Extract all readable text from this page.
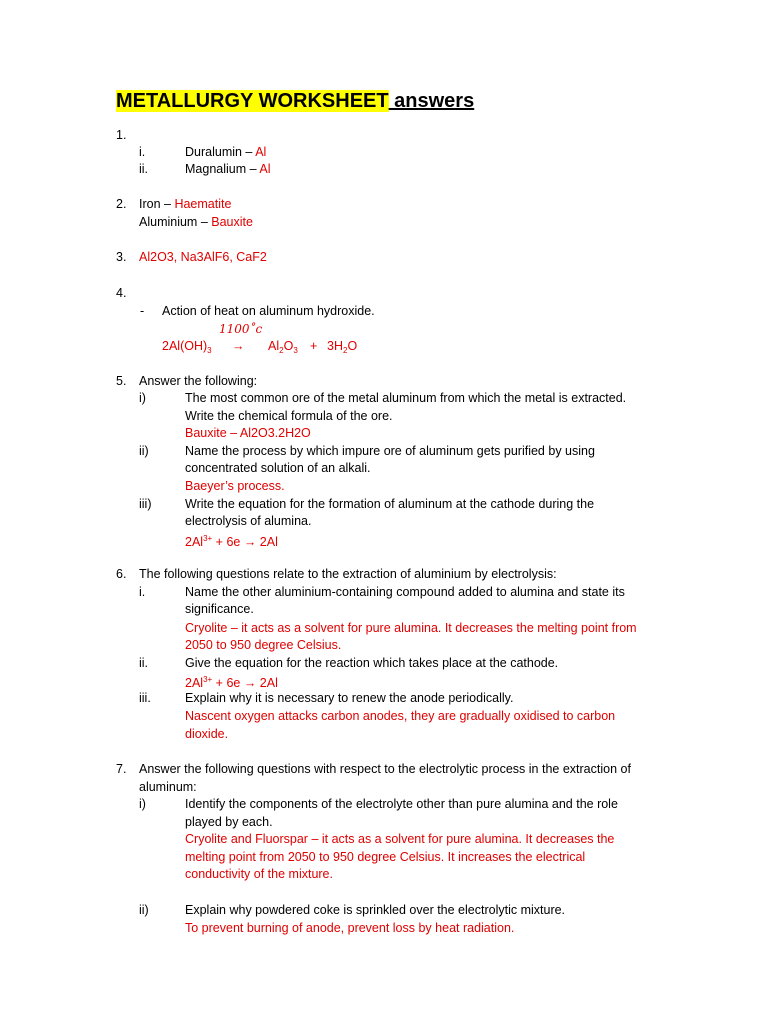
METALLURGY WORKSHEET answers
1.
i.	Duralumin – Al
ii.	Magnalium – Al
2. Iron – Haematite
Aluminium – Bauxite
3. Al2O3, Na3AlF6, CaF2
4.
- Action of heat on aluminum hydroxide.
1100˚c
$2Al(OH)_3 \to Al_2O_3 + 3H_2O$
5. Answer the following:
i)	The most common ore of the metal aluminum from which the metal is extracted.
Write the chemical formula of the ore.
Bauxite – Al2O3.2H2O
ii)	Name the process by which impure ore of aluminum gets purified by using
concentrated solution of an alkali.
Baeyer’s process.
iii)	Write the equation for the formation of aluminum at the cathode during the
electrolysis of alumina.
$2Al^{3+} + 6e \to 2Al$
6. The following questions relate to the extraction of aluminium by electrolysis:
i.	Name the other aluminium-containing compound added to alumina and state its
significance.
Cryolite – it acts as a solvent for pure alumina. It decreases the melting point from
2050 to 950 degree Celsius.
ii.	Give the equation for the reaction which takes place at the cathode.
$2Al^{3+} + 6e \to 2Al$
iii.	Explain why it is necessary to renew the anode periodically.
Nascent oxygen attacks carbon anodes, they are gradually oxidised to carbon
dioxide.
7. Answer the following questions with respect to the electrolytic process in the extraction of
aluminum:
i)	Identify the components of the electrolyte other than pure alumina and the role
played by each.
Cryolite and Fluorspar – it acts as a solvent for pure alumina. It decreases the
melting point from 2050 to 950 degree Celsius. It increases the electrical
conductivity of the mixture.
ii)	Explain why powdered coke is sprinkled over the electrolytic mixture.
To prevent burning of anode, prevent loss by heat radiation.
